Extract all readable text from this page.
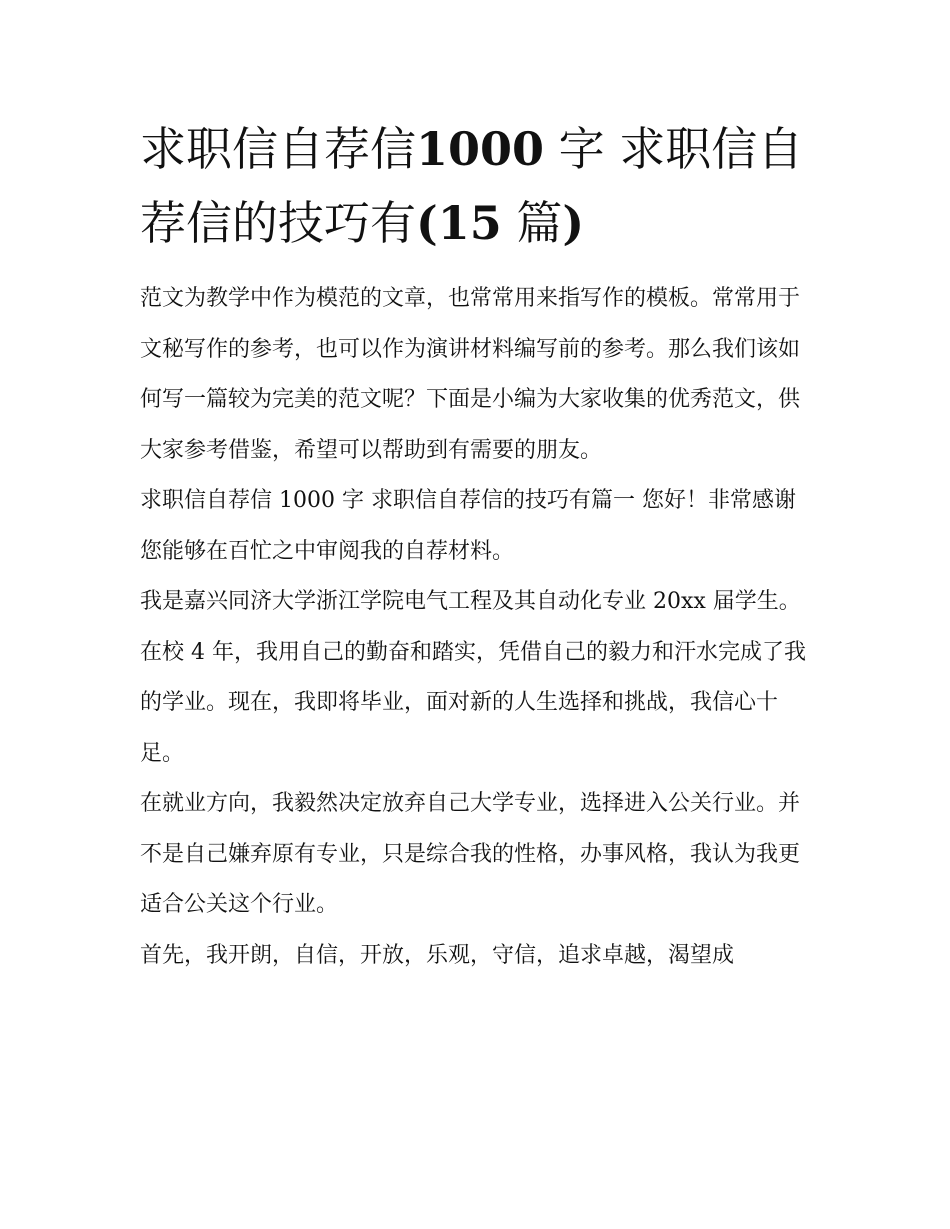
求职信自荐信1000 字 求职信自荐信的技巧有(15 篇)

范文为教学中作为模范的文章，也常常用来指写作的模板。常常用于文秘写作的参考，也可以作为演讲材料编写前的参考。那么我们该如何写一篇较为完美的范文呢？下面是小编为大家收集的优秀范文，供大家参考借鉴，希望可以帮助到有需要的朋友。

求职信自荐信 1000 字 求职信自荐信的技巧有篇一 您好！非常感谢您能够在百忙之中审阅我的自荐材料。

我是嘉兴同济大学浙江学院电气工程及其自动化专业 20xx 届学生。

在校 4 年，我用自己的勤奋和踏实，凭借自己的毅力和汗水完成了我的学业。现在，我即将毕业，面对新的人生选择和挑战，我信心十足。

在就业方向，我毅然决定放弃自己大学专业，选择进入公关行业。并不是自己嫌弃原有专业，只是综合我的性格，办事风格，我认为我更适合公关这个行业。

首先，我开朗，自信，开放，乐观，守信，追求卓越，渴望成
